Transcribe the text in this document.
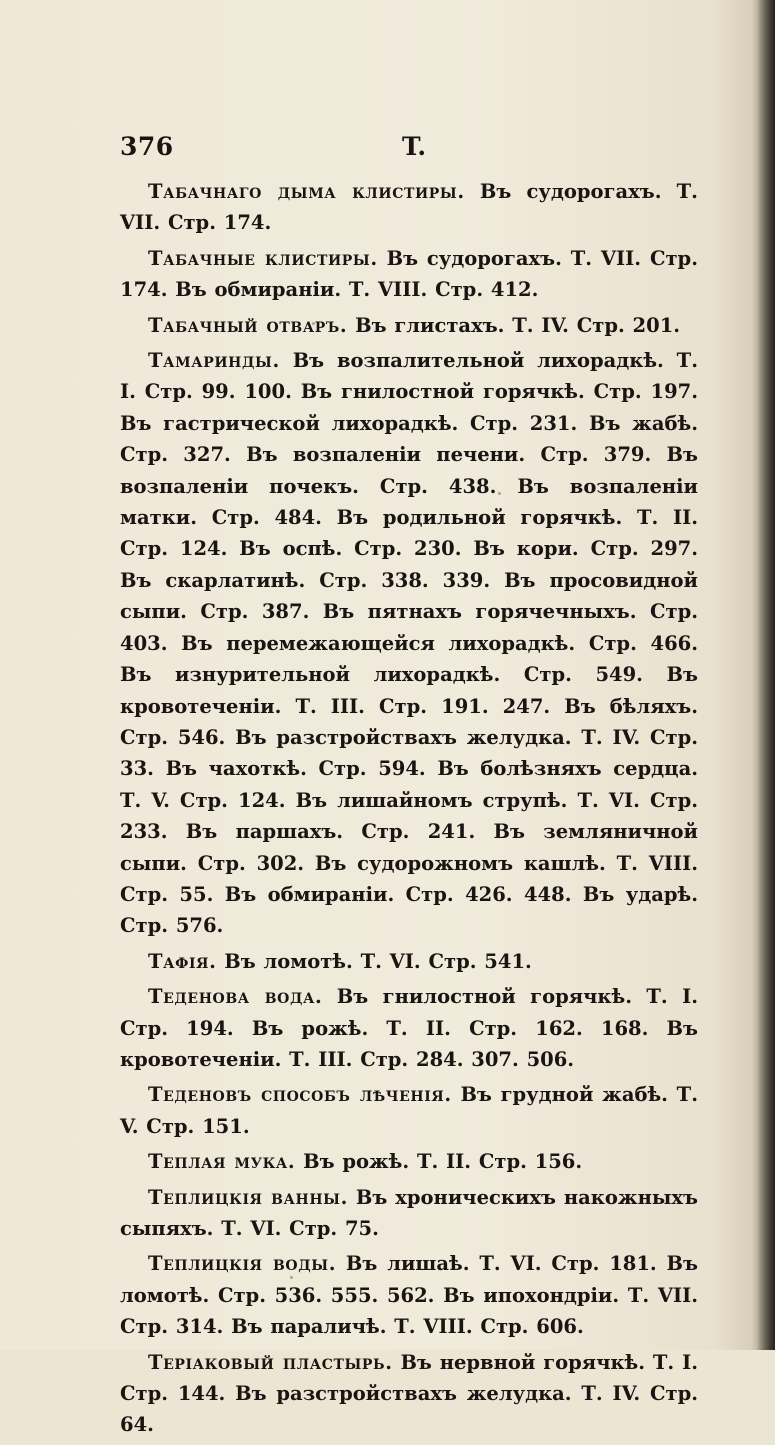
376	T.

Табачнаго дыма клистиры. Въ судорогахъ. Т. VII. Стр. 174.

Табачные клистиры. Въ судорогахъ. Т. VII. Стр. 174. Въ обмираніи. Т. VIII. Стр. 412.

Табачный отваръ. Въ глистахъ. Т. IV. Стр. 201.

Тамаринды. Въ возпалительной лихорадкѣ. Т. I. Стр. 99. 100. Въ гнилостной горячкѣ. Стр. 197. Въ гастрической лихорадкѣ. Стр. 231. Въ жабѣ. Стр. 327. Въ возпаленіи печени. Стр. 379. Въ возпаленіи почекъ. Стр. 438. Въ возпаленіи матки. Стр. 484. Въ родильной горячкѣ. Т. II. Стр. 124. Въ оспѣ. Стр. 230. Въ кори. Стр. 297. Въ скарлатинѣ. Стр. 338. 339. Въ просовидной сыпи. Стр. 387. Въ пятнахъ горячечныхъ. Стр. 403. Въ перемежающейся лихорадкѣ. Стр. 466. Въ изнурительной лихорадкѣ. Стр. 549. Въ кровотеченіи. Т. III. Стр. 191. 247. Въ бѣляхъ. Стр. 546. Въ разстройствахъ желудка. Т. IV. Стр. 33. Въ чахоткѣ. Стр. 594. Въ болѣзняхъ сердца. Т. V. Стр. 124. Въ лишайномъ струпѣ. Т. VI. Стр. 233. Въ паршахъ. Стр. 241. Въ земляничной сыпи. Стр. 302. Въ судорожномъ кашлѣ. Т. VIII. Стр. 55. Въ обмираніи. Стр. 426. 448. Въ ударѣ. Стр. 576.

Тафія. Въ ломотѣ. Т. VI. Стр. 541.

Теденова вода. Въ гнилостной горячкѣ. Т. I. Стр. 194. Въ рожѣ. Т. II. Стр. 162. 168. Въ кровотеченіи. Т. III. Стр. 284. 307. 506.

Теденовъ способъ лѣченія. Въ грудной жабѣ. Т. V. Стр. 151.

Теплая мука. Въ рожѣ. Т. II. Стр. 156.

Теплицкія ванны. Въ хроническихъ накожныхъ сыпяхъ. Т. VI. Стр. 75.

Теплицкія воды. Въ лишаѣ. Т. VI. Стр. 181. Въ ломотѣ. Стр. 536. 555. 562. Въ ипохондріи. Т. VII. Стр. 314. Въ параличѣ. Т. VIII. Стр. 606.

Теріаковый пластырь. Въ нервной горячкѣ. Т. I. Стр. 144. Въ разстройствахъ желудка. Т. IV. Стр. 64.
